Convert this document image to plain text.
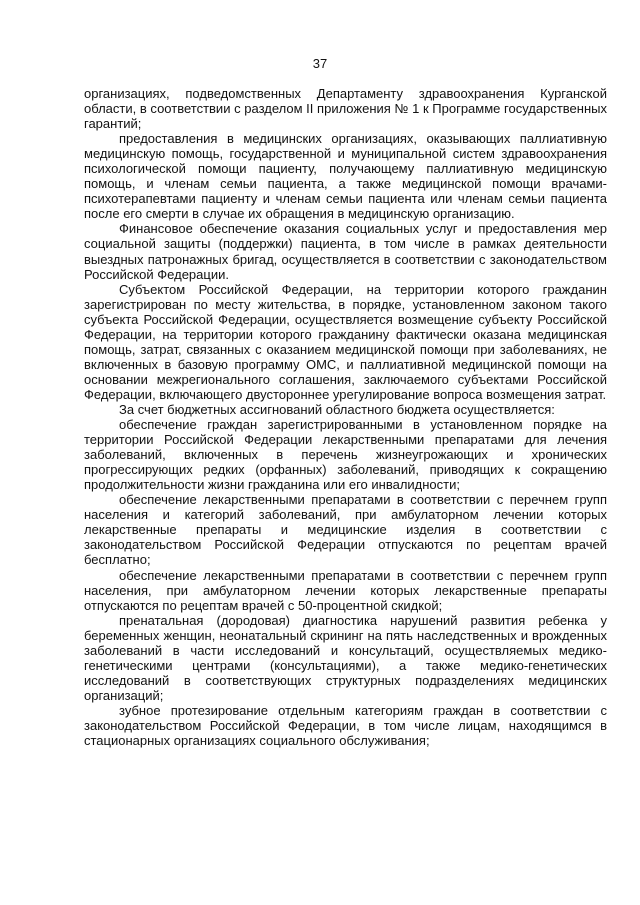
37

организациях, подведомственных Департаменту здравоохранения Курганской области, в соответствии с разделом II приложения № 1 к Программе государственных гарантий;

предоставления в медицинских организациях, оказывающих паллиативную медицинскую помощь, государственной и муниципальной систем здравоохранения психологической помощи пациенту, получающему паллиативную медицинскую помощь, и членам семьи пациента, а также медицинской помощи врачами-психотерапевтами пациенту и членам семьи пациента или членам семьи пациента после его смерти в случае их обращения в медицинскую организацию.

Финансовое обеспечение оказания социальных услуг и предоставления мер социальной защиты (поддержки) пациента, в том числе в рамках деятельности выездных патронажных бригад, осуществляется в соответствии с законодательством Российской Федерации.

Субъектом Российской Федерации, на территории которого гражданин зарегистрирован по месту жительства, в порядке, установленном законом такого субъекта Российской Федерации, осуществляется возмещение субъекту Российской Федерации, на территории которого гражданину фактически оказана медицинская помощь, затрат, связанных с оказанием медицинской помощи при заболеваниях, не включенных в базовую программу ОМС, и паллиативной медицинской помощи на основании межрегионального соглашения, заключаемого субъектами Российской Федерации, включающего двустороннее урегулирование вопроса возмещения затрат.

За счет бюджетных ассигнований областного бюджета осуществляется:

обеспечение граждан зарегистрированными в установленном порядке на территории Российской Федерации лекарственными препаратами для лечения заболеваний, включенных в перечень жизнеугрожающих и хронических прогрессирующих редких (орфанных) заболеваний, приводящих к сокращению продолжительности жизни гражданина или его инвалидности;

обеспечение лекарственными препаратами в соответствии с перечнем групп населения и категорий заболеваний, при амбулаторном лечении которых лекарственные препараты и медицинские изделия в соответствии с законодательством Российской Федерации отпускаются по рецептам врачей бесплатно;

обеспечение лекарственными препаратами в соответствии с перечнем групп населения, при амбулаторном лечении которых лекарственные препараты отпускаются по рецептам врачей с 50-процентной скидкой;

пренатальная (дородовая) диагностика нарушений развития ребенка у беременных женщин, неонатальный скрининг на пять наследственных и врожденных заболеваний в части исследований и консультаций, осуществляемых медико-генетическими центрами (консультациями), а также медико-генетических исследований в соответствующих структурных подразделениях медицинских организаций;

зубное протезирование отдельным категориям граждан в соответствии с законодательством Российской Федерации, в том числе лицам, находящимся в стационарных организациях социального обслуживания;
